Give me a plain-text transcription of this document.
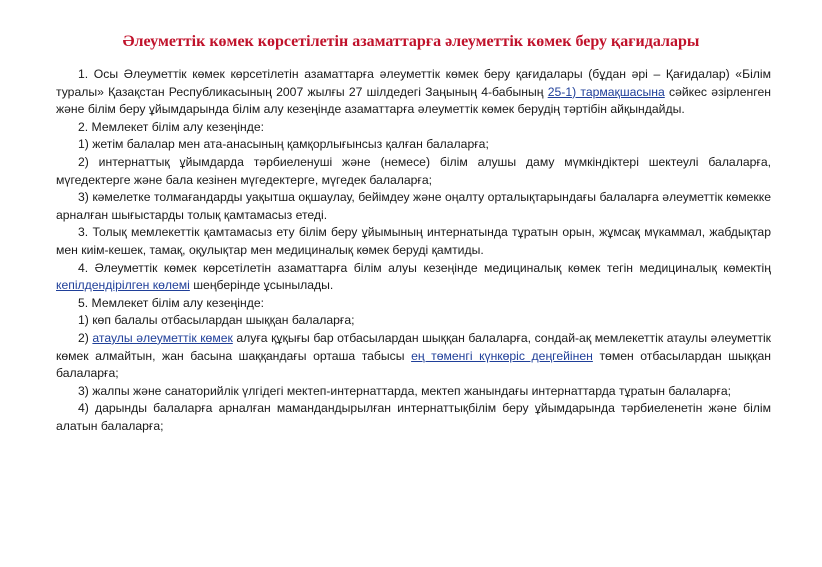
Әлеуметтік көмек көрсетілетін азаматтарға әлеуметтік көмек беру қағидалары

1. Осы Әлеуметтік көмек көрсетілетін азаматтарға әлеуметтік көмек беру қағидалары (бұдан әрі – Қағидалар) «Білім туралы» Қазақстан Республикасының 2007 жылғы 27 шілдедегі Заңының 4-бабының 25-1) тармақшасына сәйкес әзірленген және білім беру ұйымдарында білім алу кезеңінде азаматтарға әлеуметтік көмек берудің тәртібін айқындайды.

2. Мемлекет білім алу кезеңінде:

1) жетім балалар мен ата-анасының қамқорлығынсыз қалған балаларға;

2) интернаттық ұйымдарда тәрбиеленуші және (немесе) білім алушы даму мүмкіндіктері шектеулі балаларға, мүгедектерге және бала кезінен мүгедектерге, мүгедек балаларға;

3) кәмелетке толмағандарды уақытша оқшаулау, бейімдеу және оңалту орталықтарындағы балаларға әлеуметтік көмекке арналған шығыстарды толық қамтамасыз етеді.

3. Толық мемлекеттік қамтамасыз ету білім беру ұйымының интернатында тұратын орын, жұмсақ мүкаммал, жабдықтар мен киім-кешек, тамақ, оқулықтар мен медициналық көмек беруді қамтиды.

4. Әлеуметтік көмек көрсетілетін азаматтарға білім алуы кезеңінде медициналық көмек тегін медициналық көмектің кепілдендірілген көлемі шеңберінде ұсынылады.

5. Мемлекет білім алу кезеңінде:

1) көп балалы отбасылардан шыққан балаларға;

2) атаулы әлеуметтік көмек алуға құқығы бар отбасылардан шыққан балаларға, сондай-ақ мемлекеттік атаулы әлеуметтік көмек алмайтын, жан басына шаққандағы орташа табысы ең төменгі күнкөріс деңгейінен төмен отбасылардан шыққан балаларға;

3) жалпы және санаторийлік үлгідегі мектеп-интернаттарда, мектеп жанындағы интернаттарда тұратын балаларға;

4) дарынды балаларға арналған мамандандырылған интернаттықбілім беру ұйымдарында тәрбиеленетін және білім алатын балаларға;
